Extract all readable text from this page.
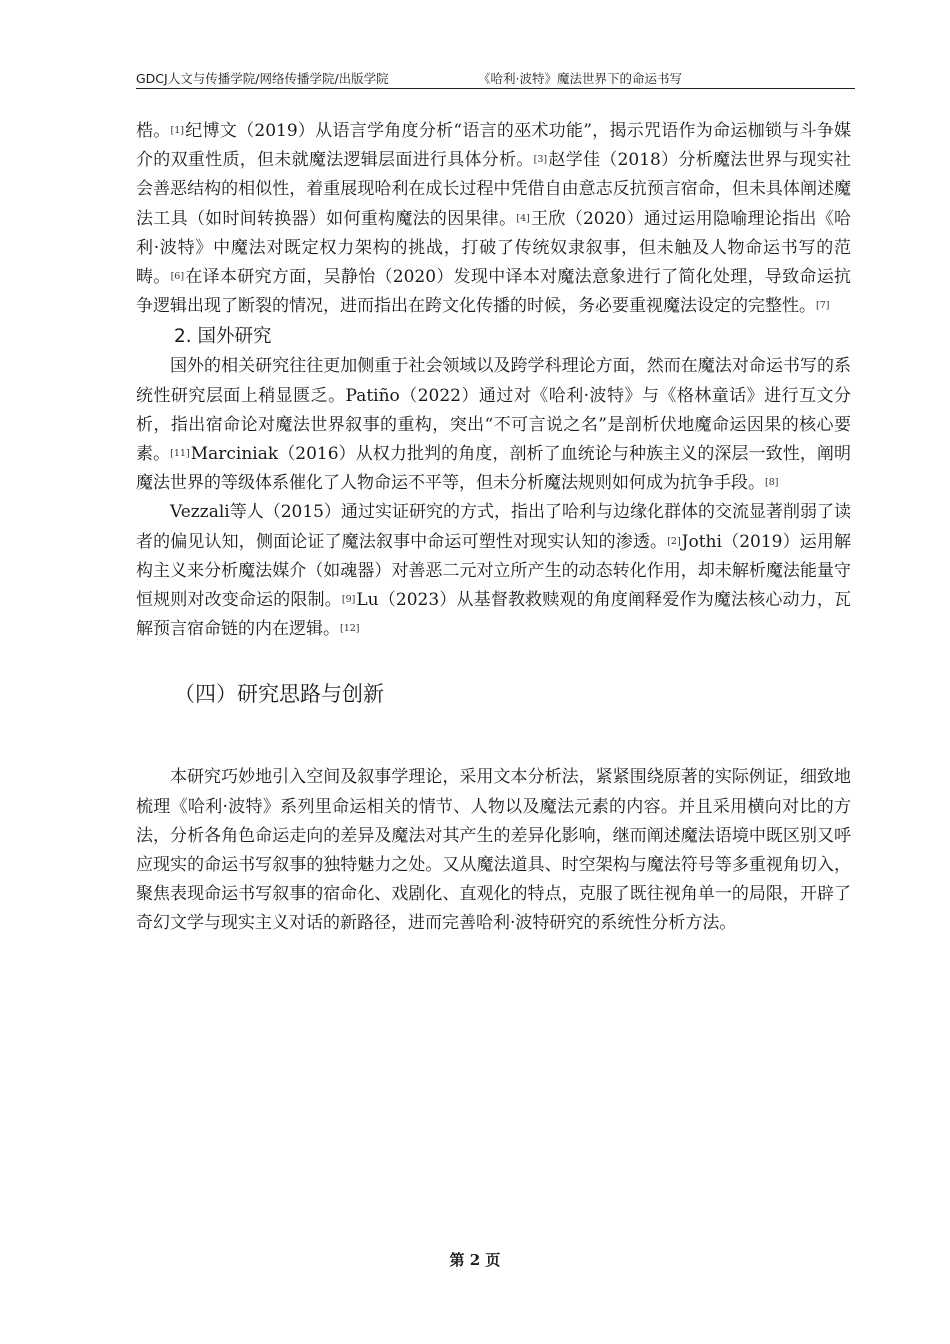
GDCJ人文与传播学院/网络传播学院/出版学院	《哈利·波特》魔法世界下的命运书写

梏。[1]纪博文（2019）从语言学角度分析“语言的巫术功能”，揭示咒语作为命运枷锁与斗争媒介的双重性质，但未就魔法逻辑层面进行具体分析。[3]赵学佳（2018）分析魔法世界与现实社会善恶结构的相似性，着重展现哈利在成长过程中凭借自由意志反抗预言宿命，但未具体阐述魔法工具（如时间转换器）如何重构魔法的因果律。[4]王欣（2020）通过运用隐喻理论指出《哈利·波特》中魔法对既定权力架构的挑战，打破了传统奴隶叙事，但未触及人物命运书写的范畴。[6]在译本研究方面，吴静怡（2020）发现中译本对魔法意象进行了简化处理，导致命运抗争逻辑出现了断裂的情况，进而指出在跨文化传播的时候，务必要重视魔法设定的完整性。[7]

2. 国外研究

国外的相关研究往往更加侧重于社会领域以及跨学科理论方面，然而在魔法对命运书写的系统性研究层面上稍显匮乏。Patiño（2022）通过对《哈利·波特》与《格林童话》进行互文分析，指出宿命论对魔法世界叙事的重构，突出“不可言说之名”是剖析伏地魔命运因果的核心要素。[11]Marciniak（2016）从权力批判的角度，剖析了血统论与种族主义的深层一致性，阐明魔法世界的等级体系催化了人物命运不平等，但未分析魔法规则如何成为抗争手段。[8]

Vezzali等人（2015）通过实证研究的方式，指出了哈利与边缘化群体的交流显著削弱了读者的偏见认知，侧面论证了魔法叙事中命运可塑性对现实认知的渗透。[2]Jothi（2019）运用解构主义来分析魔法媒介（如魂器）对善恶二元对立所产生的动态转化作用，却未解析魔法能量守恒规则对改变命运的限制。[9]Lu（2023）从基督教救赎观的角度阐释爱作为魔法核心动力，瓦解预言宿命链的内在逻辑。[12]

（四）研究思路与创新

本研究巧妙地引入空间及叙事学理论，采用文本分析法，紧紧围绕原著的实际例证，细致地梳理《哈利·波特》系列里命运相关的情节、人物以及魔法元素的内容。并且采用横向对比的方法，分析各角色命运走向的差异及魔法对其产生的差异化影响，继而阐述魔法语境中既区别又呼应现实的命运书写叙事的独特魅力之处。又从魔法道具、时空架构与魔法符号等多重视角切入，聚焦表现命运书写叙事的宿命化、戏剧化、直观化的特点，克服了既往视角单一的局限，开辟了奇幻文学与现实主义对话的新路径，进而完善哈利·波特研究的系统性分析方法。

第 2 页
